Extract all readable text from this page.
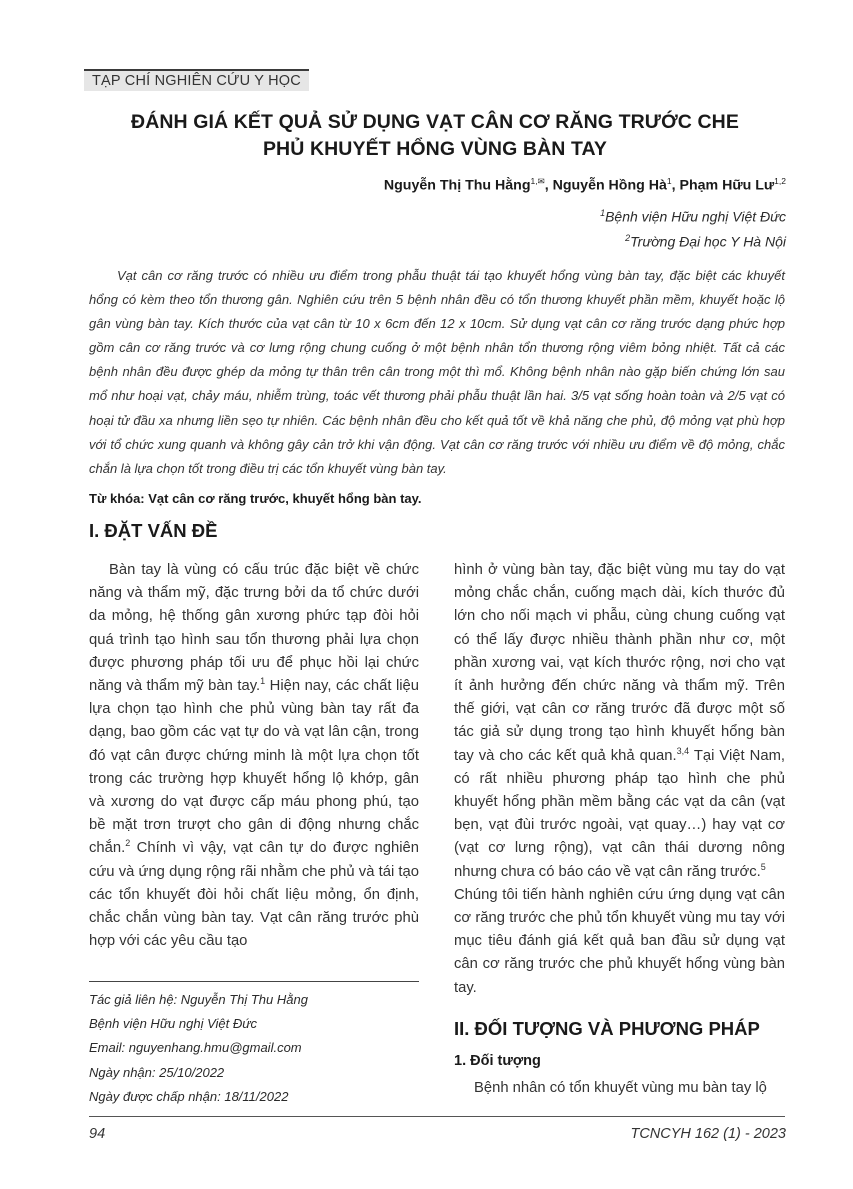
TẠP CHÍ NGHIÊN CỨU Y HỌC
ĐÁNH GIÁ KẾT QUẢ SỬ DỤNG VẠT CÂN CƠ RĂNG TRƯỚC CHE
PHỦ KHUYẾT HỔNG VÙNG BÀN TAY
Nguyễn Thị Thu Hằng$^{1,✉}$, Nguyễn Hồng $Hà^1$, Phạm Hữu Lư$^{1,2}$
$^1$Bệnh viện Hữu nghị Việt Đức
$^2$Trường Đại học Y Hà Nội

Vạt cân cơ răng trước có nhiều ưu điểm trong phẫu thuật tái tạo khuyết hổng vùng bàn tay, đặc biệt các khuyết hổng có kèm theo tổn thương gân. Nghiên cứu trên 5 bệnh nhân đều có tổn thương khuyết phần mềm, khuyết hoặc lộ gân vùng bàn tay. Kích thước của vạt cân từ 10 x 6cm đến 12 x 10cm. Sử dụng vạt cân cơ răng trước dạng phức hợp gồm cân cơ răng trước và cơ lưng rộng chung cuống ở một bệnh nhân tổn thương rộng viêm bỏng nhiệt. Tất cả các bệnh nhân đều được ghép da mỏng tự thân trên cân trong một thì mổ. Không bệnh nhân nào gặp biến chứng lớn sau mổ như hoại vạt, chảy máu, nhiễm trùng, toác vết thương phải phẫu thuật lần hai. 3/5 vạt sống hoàn toàn và 2/5 vạt có hoại tử đầu xa nhưng liền sẹo tự nhiên. Các bệnh nhân đều cho kết quả tốt về khả năng che phủ, độ mỏng vạt phù hợp với tổ chức xung quanh và không gây cản trở khi vận động. Vạt cân cơ răng trước với nhiều ưu điểm về độ mỏng, chắc chắn là lựa chọn tốt trong điều trị các tổn khuyết vùng bàn tay.

Từ khóa: Vạt cân cơ răng trước, khuyết hổng bàn tay.
I. ĐẶT VẤN ĐỀ

Bàn tay là vùng có cấu trúc đặc biệt về chức năng và thẩm mỹ, đặc trưng bởi da tổ chức dưới da mỏng, hệ thống gân xương phức tạp đòi hỏi quá trình tạo hình sau tổn thương phải lựa chọn được phương pháp tối ưu để phục hồi lại chức năng và thẩm mỹ bàn tay.$^1$ Hiện nay, các chất liệu lựa chọn tạo hình che phủ vùng bàn tay rất đa dạng, bao gồm các vạt tự do và vạt lân cận, trong đó vạt cân được chứng minh là một lựa chọn tốt trong các trường hợp khuyết hổng lộ khớp, gân và xương do vạt được cấp máu phong phú, tạo bề mặt trơn trượt cho gân di động nhưng chắc chắn.$^2$ Chính vì vậy, vạt cân tự do được nghiên cứu và ứng dụng rộng rãi nhằm che phủ và tái tạo các tổn khuyết đòi hỏi chất liệu mỏng, ổn định, chắc chắn vùng bàn tay. Vạt cân răng trước phù hợp với các yêu cầu tạo

hình ở vùng bàn tay, đặc biệt vùng mu tay do vạt mỏng chắc chắn, cuống mạch dài, kích thước đủ lớn cho nối mạch vi phẫu, cùng chung cuống vạt có thể lấy được nhiều thành phần như cơ, một phần xương vai, vạt kích thước rộng, nơi cho vạt ít ảnh hưởng đến chức năng và thẩm mỹ. Trên thế giới, vạt cân cơ răng trước đã được một số tác giả sử dụng trong tạo hình khuyết hổng bàn tay và cho các kết quả khả quan.$^{3,4}$ Tại Việt Nam, có rất nhiều phương pháp tạo hình che phủ khuyết hổng phần mềm bằng các vạt da cân (vạt bẹn, vạt đùi trước ngoài, vạt quay…) hay vạt cơ (vạt cơ lưng rộng), vạt cân thái dương nông nhưng chưa có báo cáo về vạt cân răng trước.$^5$

Chúng tôi tiến hành nghiên cứu ứng dụng vạt cân cơ răng trước che phủ tổn khuyết vùng mu tay với mục tiêu đánh giá kết quả ban đầu sử dụng vạt cân cơ răng trước che phủ khuyết hổng vùng bàn tay.

II. ĐỐI TƯỢNG VÀ PHƯƠNG PHÁP
1. Đối tượng
Bệnh nhân có tổn khuyết vùng mu bàn tay lộ
Tác giả liên hệ: Nguyễn Thị Thu Hằng
Bệnh viện Hữu nghị Việt Đức
Email: nguyenhang.hmu@gmail.com
Ngày nhận: 25/10/2022
Ngày được chấp nhận: 18/11/2022
94	TCNCYH 162 (1) - 2023
